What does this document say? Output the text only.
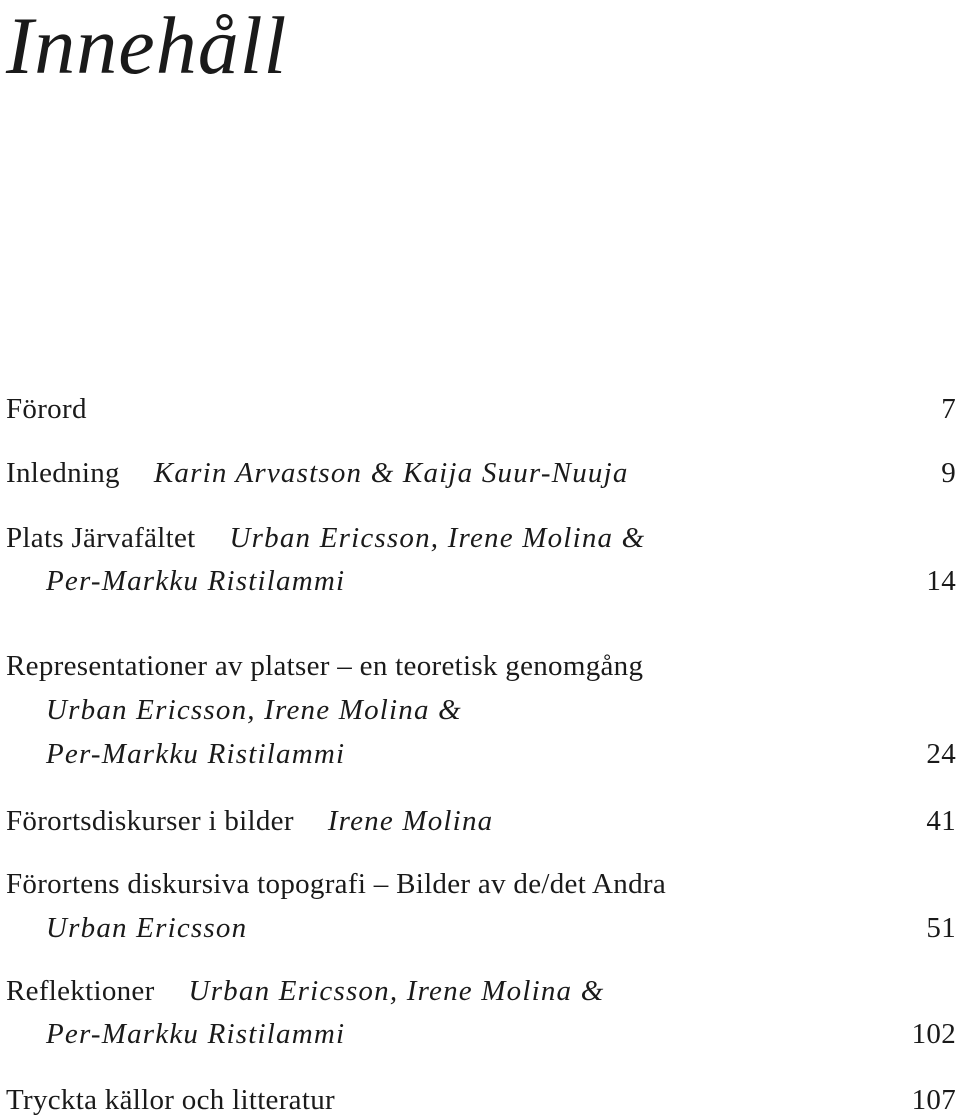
Innehåll
Förord	7
Inledning Karin Arvastson & Kaija Suur-Nuuja	9
Plats Järvafältet Urban Ericsson, Irene Molina &
Per-Markku Ristilammi	14
Representationer av platser – en teoretisk genomgång
Urban Ericsson, Irene Molina &
Per-Markku Ristilammi	24
Förortsdiskurser i bilder Irene Molina	41
Förortens diskursiva topografi – Bilder av de/det Andra
Urban Ericsson	51
Reflektioner Urban Ericsson, Irene Molina &
Per-Markku Ristilammi	102
Tryckta källor och litteratur	107
